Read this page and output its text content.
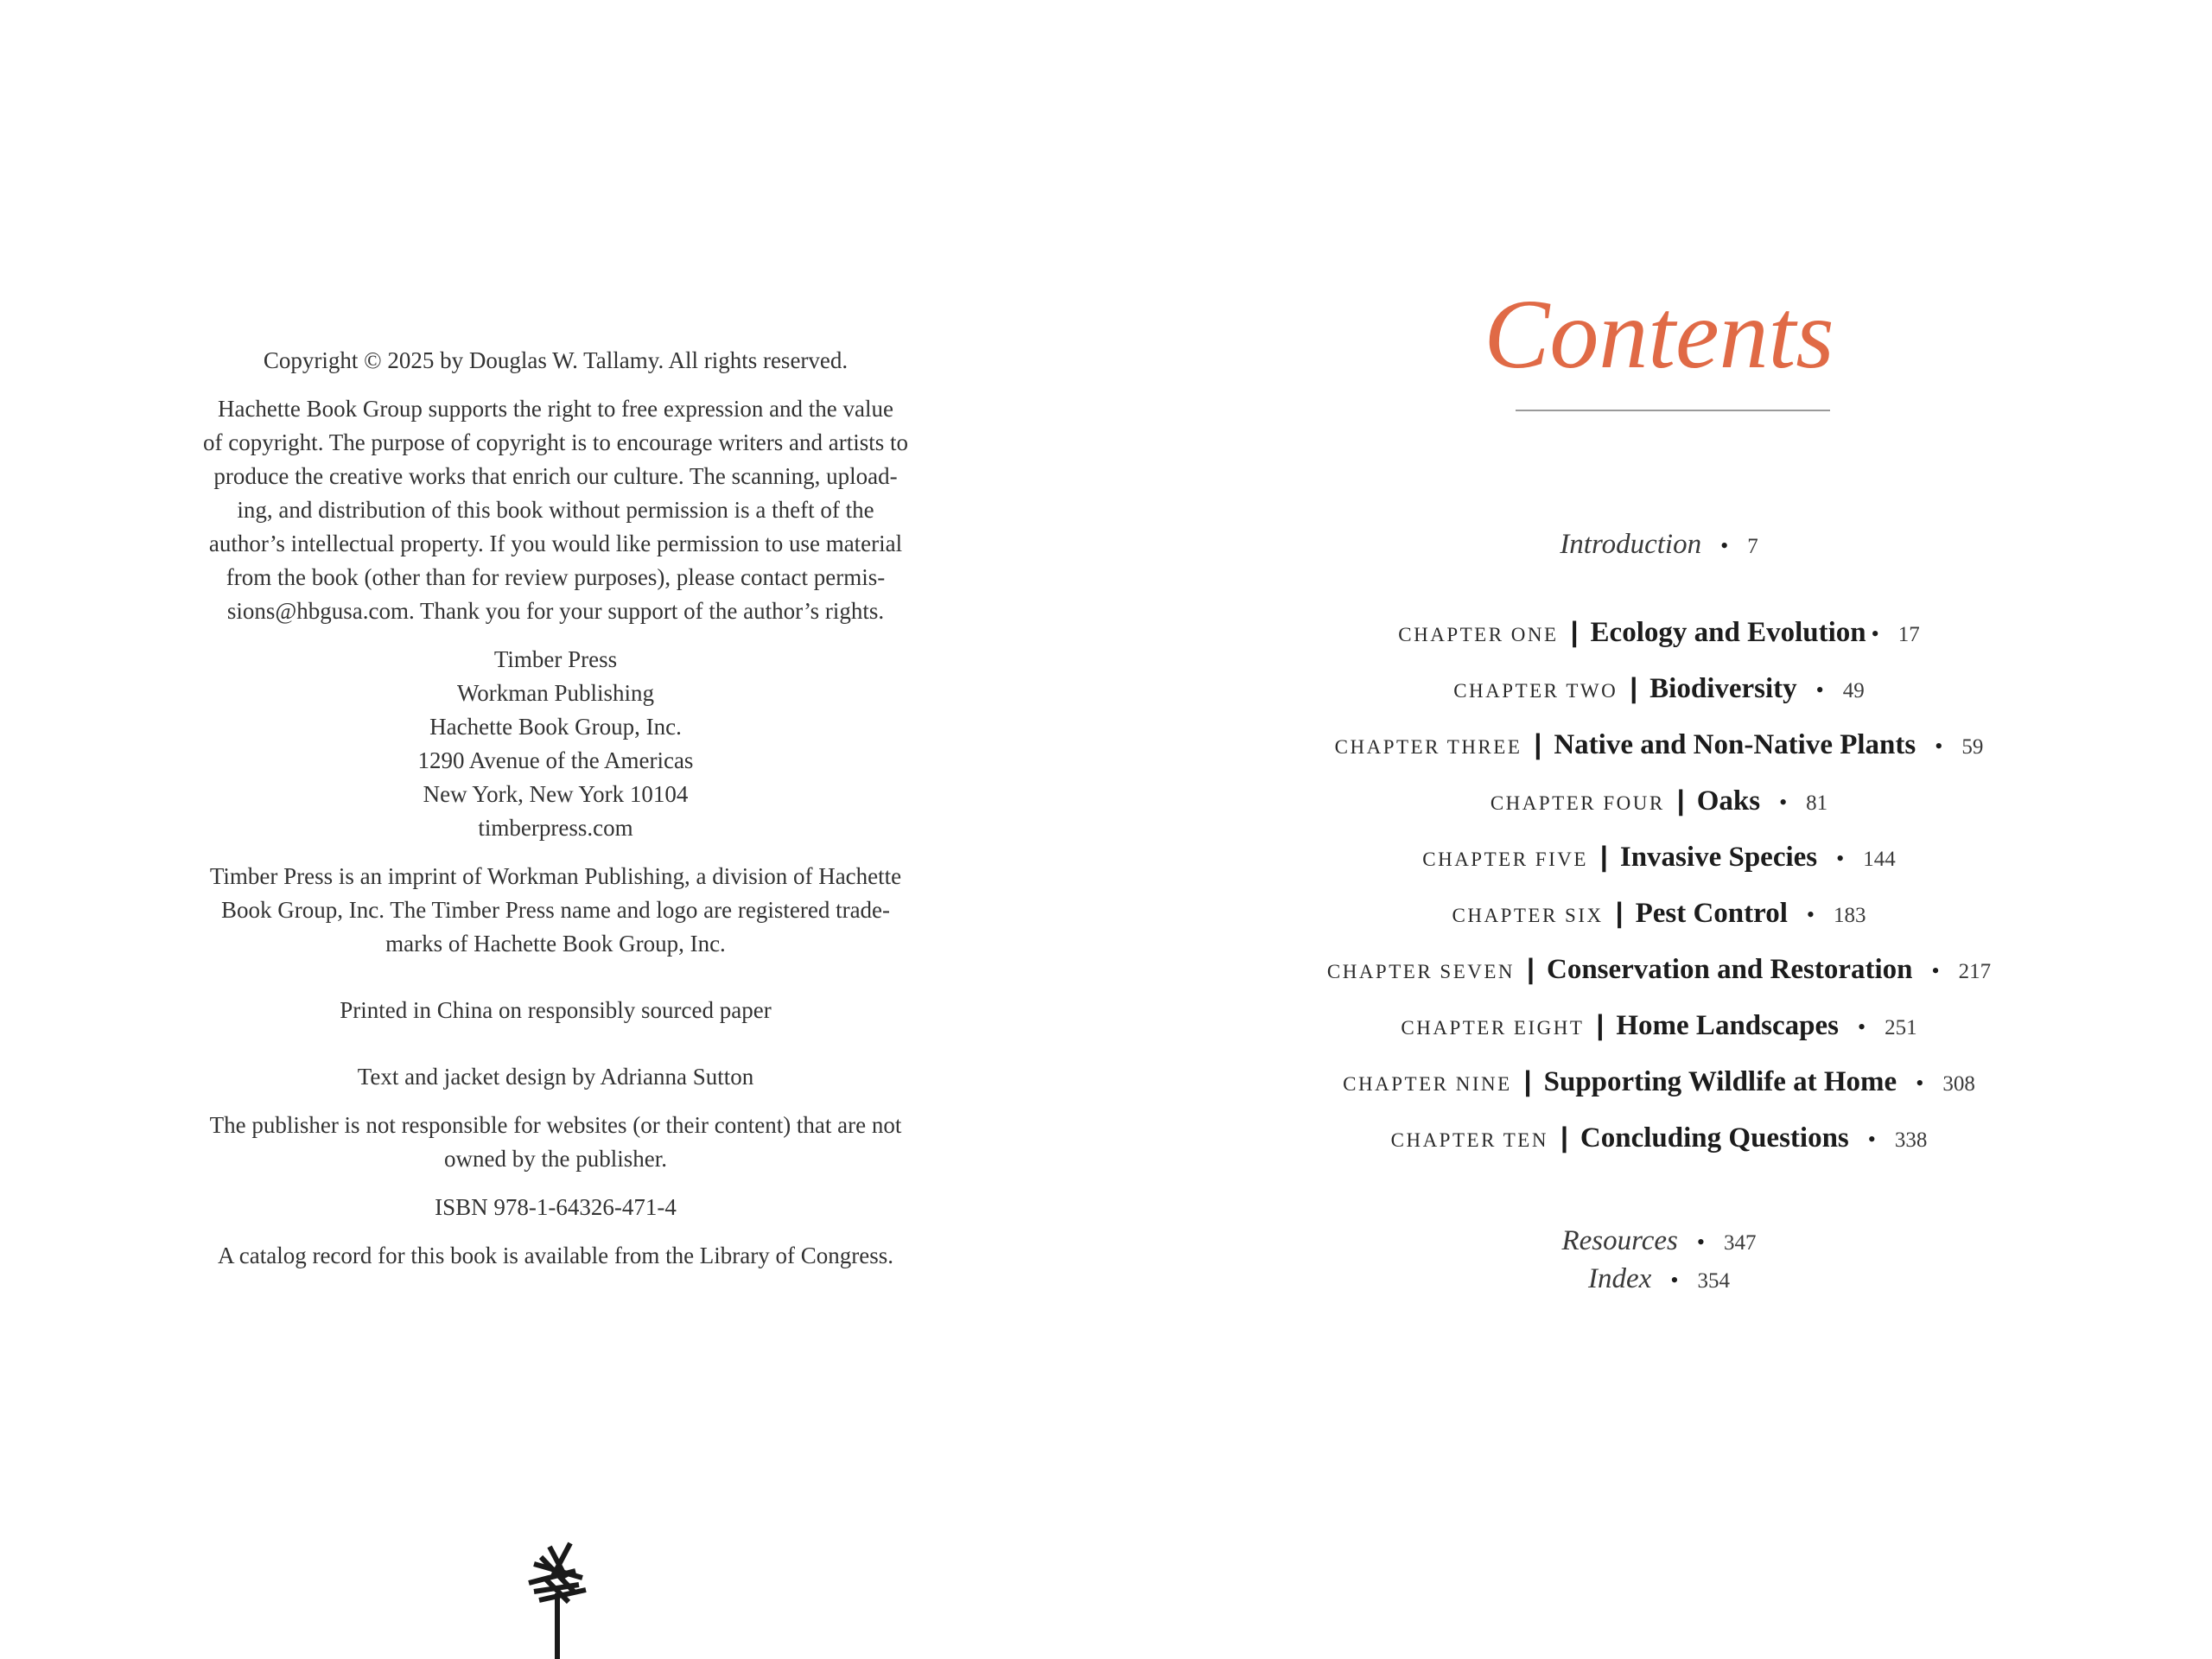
Copyright © 2025 by Douglas W. Tallamy. All rights reserved.

Hachette Book Group supports the right to free expression and the value
of copyright. The purpose of copyright is to encourage writers and artists to
produce the creative works that enrich our culture. The scanning, upload-
ing, and distribution of this book without permission is a theft of the
author’s intellectual property. If you would like permission to use material
from the book (other than for review purposes), please contact permis-
sions@hbgusa.com. Thank you for your support of the author’s rights.

Timber Press
Workman Publishing
Hachette Book Group, Inc.
1290 Avenue of the Americas
New York, New York 10104
timberpress.com

Timber Press is an imprint of Workman Publishing, a division of Hachette
Book Group, Inc. The Timber Press name and logo are registered trade-
marks of Hachette Book Group, Inc.

Printed in China on responsibly sourced paper

Text and jacket design by Adrianna Sutton

The publisher is not responsible for websites (or their content) that are not
owned by the publisher.

ISBN 978-1-64326-471-4

A catalog record for this book is available from the Library of Congress.

Contents
Introduction • 7
CHAPTER ONE | Ecology and Evolution • 17
CHAPTER TWO | Biodiversity • 49
CHAPTER THREE | Native and Non-Native Plants • 59
CHAPTER FOUR | Oaks • 81
CHAPTER FIVE | Invasive Species • 144
CHAPTER SIX | Pest Control • 183
CHAPTER SEVEN | Conservation and Restoration • 217
CHAPTER EIGHT | Home Landscapes • 251
CHAPTER NINE | Supporting Wildlife at Home • 308
CHAPTER TEN | Concluding Questions • 338
Resources • 347
Index • 354
